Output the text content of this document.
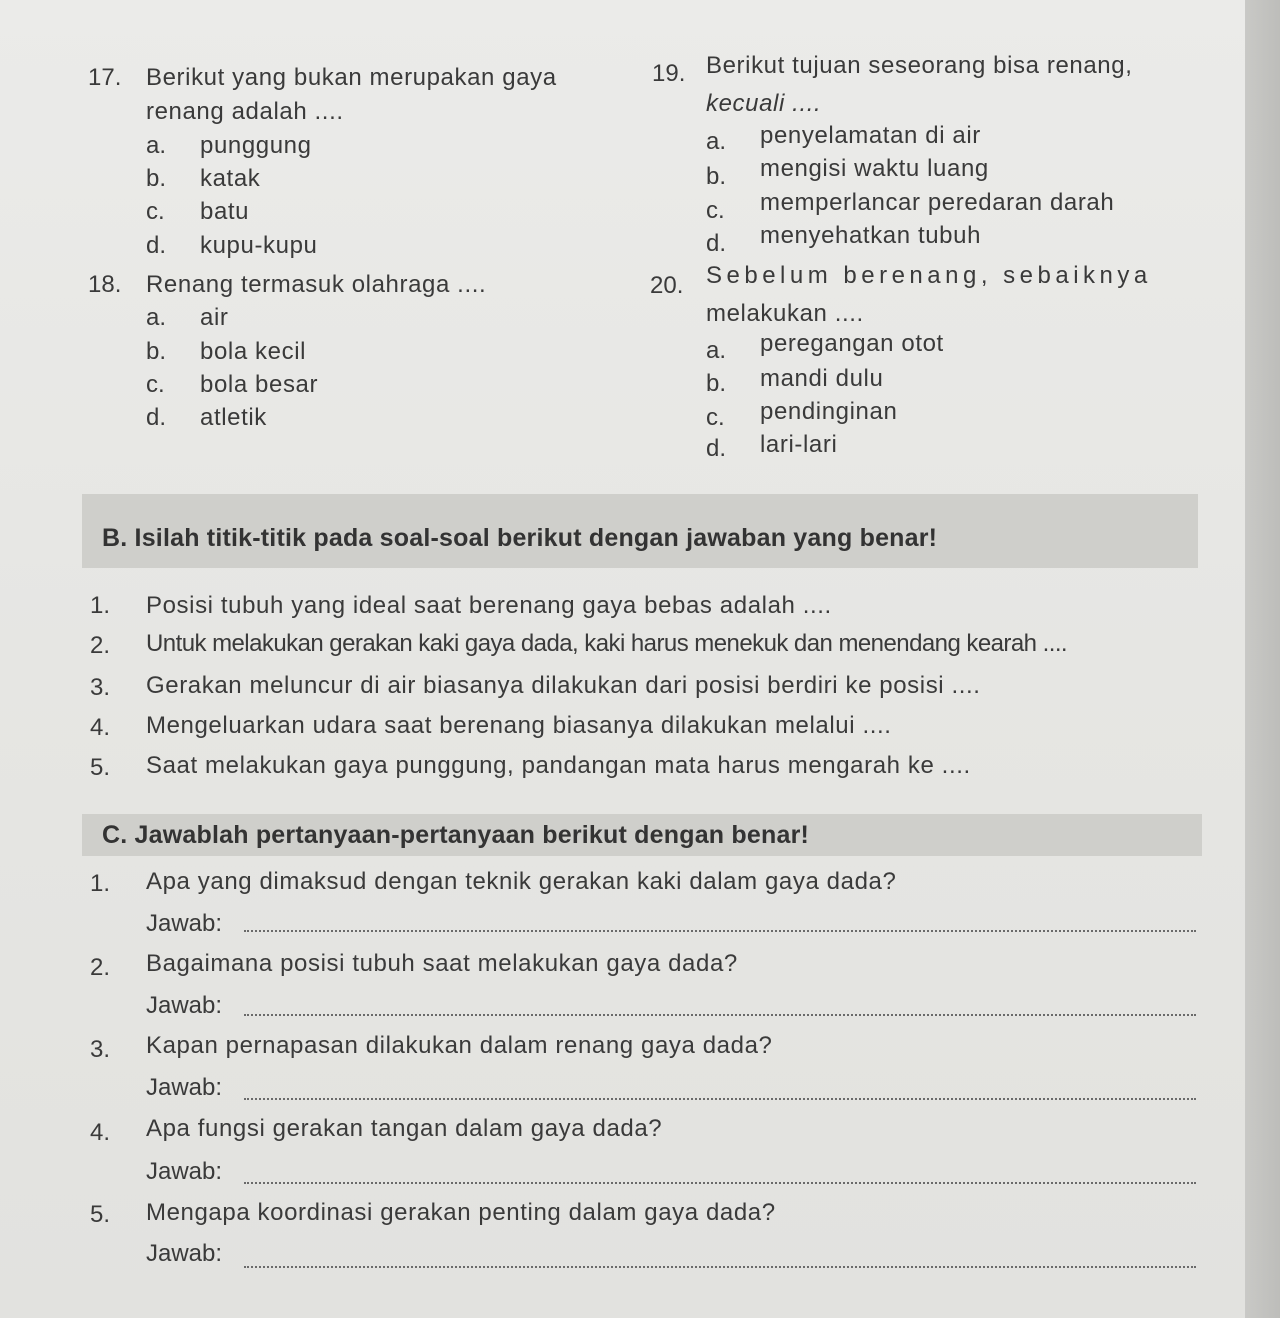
17. Berikut yang bukan merupakan gaya
renang adalah ....
a. punggung
b. katak
c. batu
d. kupu-kupu
18. Renang termasuk olahraga ....
a. air
b. bola kecil
c. bola besar
d. atletik
19. Berikut tujuan seseorang bisa renang,
kecuali ....
a. penyelamatan di air
b. mengisi waktu luang
c. memperlancar peredaran darah
d. menyehatkan tubuh
20. Sebelum berenang, sebaiknya
melakukan ....
a. peregangan otot
b. mandi dulu
c. pendinginan
d. lari-lari
B. Isilah titik-titik pada soal-soal berikut dengan jawaban yang benar!
1. Posisi tubuh yang ideal saat berenang gaya bebas adalah ....
2. Untuk melakukan gerakan kaki gaya dada, kaki harus menekuk dan menendang kearah ....
3. Gerakan meluncur di air biasanya dilakukan dari posisi berdiri ke posisi ....
4. Mengeluarkan udara saat berenang biasanya dilakukan melalui ....
5. Saat melakukan gaya punggung, pandangan mata harus mengarah ke ....
C. Jawablah pertanyaan-pertanyaan berikut dengan benar!
1. Apa yang dimaksud dengan teknik gerakan kaki dalam gaya dada?
Jawab:
2. Bagaimana posisi tubuh saat melakukan gaya dada?
Jawab:
3. Kapan pernapasan dilakukan dalam renang gaya dada?
Jawab:
4. Apa fungsi gerakan tangan dalam gaya dada?
Jawab:
5. Mengapa koordinasi gerakan penting dalam gaya dada?
Jawab:
